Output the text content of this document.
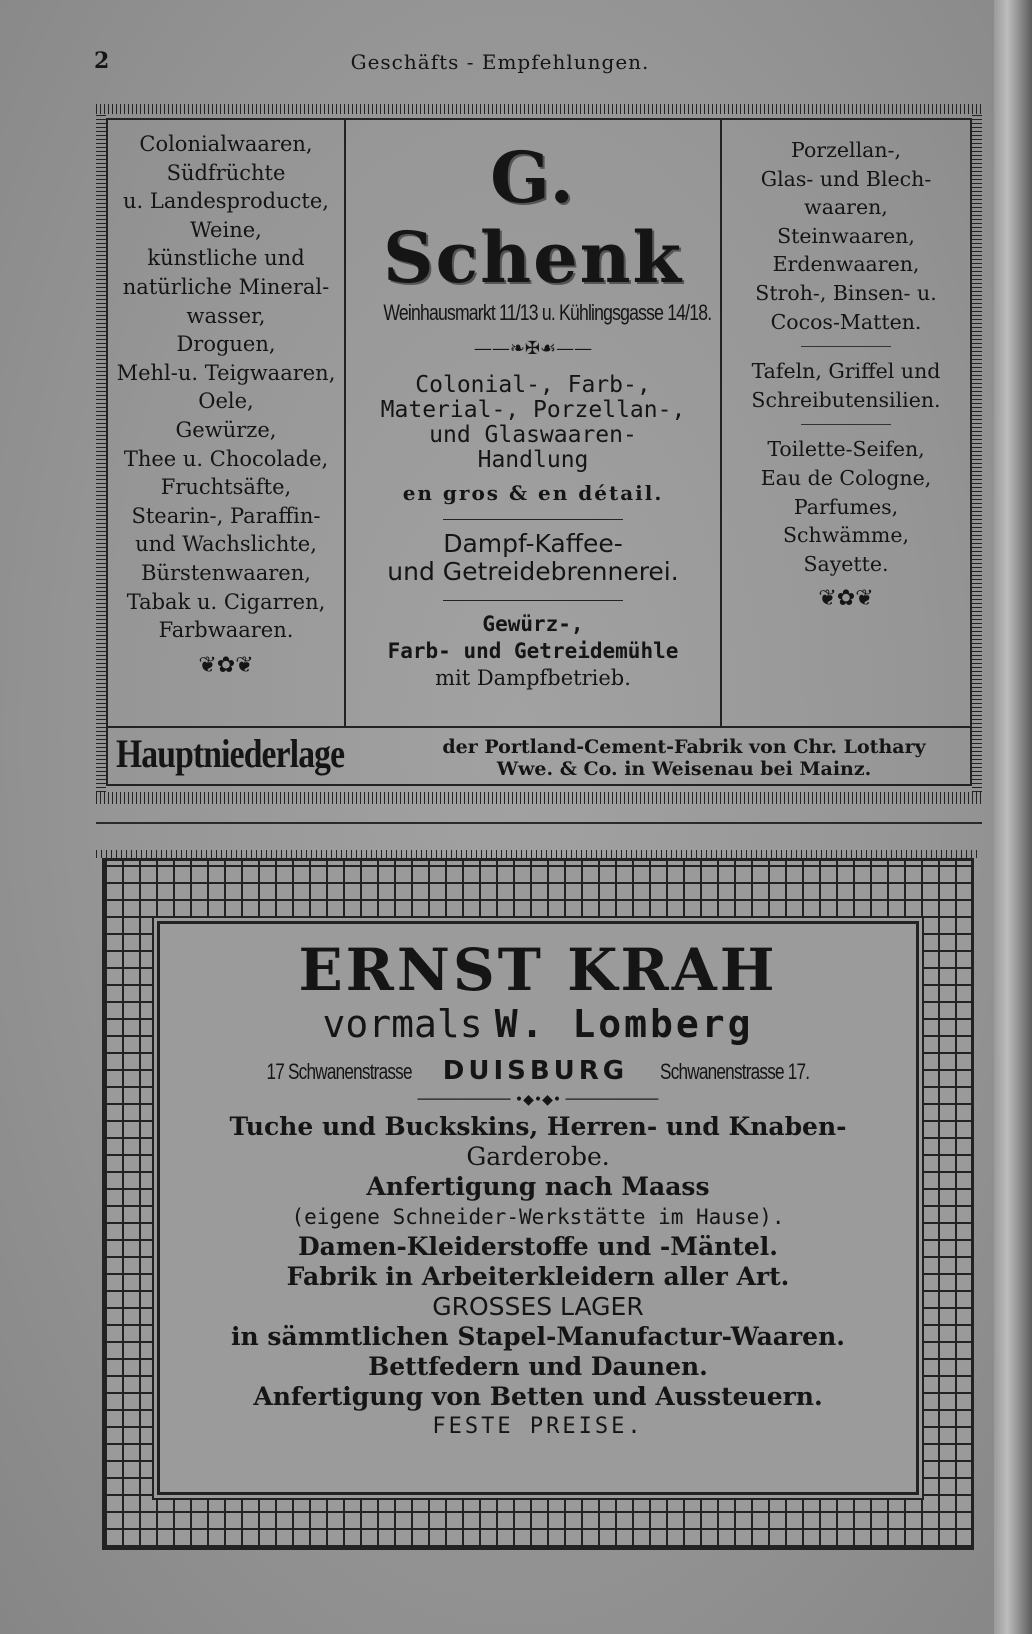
2	Geschäfts - Empfehlungen.
Colonialwaaren,
Südfrüchte
u. Landesproducte,
Weine,
künstliche und
natürliche Mineral-
wasser,
Droguen,
Mehl-u. Teigwaaren,
Oele,
Gewürze,
Thee u. Chocolade,
Fruchtsäfte,
Stearin-, Paraffin-
und Wachslichte,
Bürstenwaaren,
Tabak u. Cigarren,
Farbwaaren.
❦✿❦
G. Schenk
Weinhausmarkt 11/13 u. Kühlingsgasse 14/18.
——❧✠☙——
Colonial-, Farb-,
Material-, Porzellan-,
und Glaswaaren-
Handlung
en gros & en détail.
Dampf-Kaffee-
und Getreidebrennerei.
Gewürz-,
Farb- und Getreidemühle
mit Dampfbetrieb.
Porzellan-,
Glas- und Blech-
waaren,
Steinwaaren,
Erdenwaaren,
Stroh-, Binsen- u.
Cocos-Matten.
Tafeln, Griffel und
Schreibutensilien.
Toilette-Seifen,
Eau de Cologne,
Parfumes,
Schwämme,
Sayette.
❦✿❦
Hauptniederlage	der Portland-Cement-Fabrik von Chr. Lothary
Wwe. & Co. in Weisenau bei Mainz.
ERNST KRAH
vormals W. Lomberg
17 Schwanenstrasse DUISBURG Schwanenstrasse 17.
─────────── •◆•◆• ───────────
Tuche und Buckskins, Herren- und Knaben-
Garderobe.
Anfertigung nach Maass
(eigene Schneider-Werkstätte im Hause).
Damen-Kleiderstoffe und -Mäntel.
Fabrik in Arbeiterkleidern aller Art.
GROSSES LAGER
in sämmtlichen Stapel-Manufactur-Waaren.
Bettfedern und Daunen.
Anfertigung von Betten und Aussteuern.
FESTE PREISE.
